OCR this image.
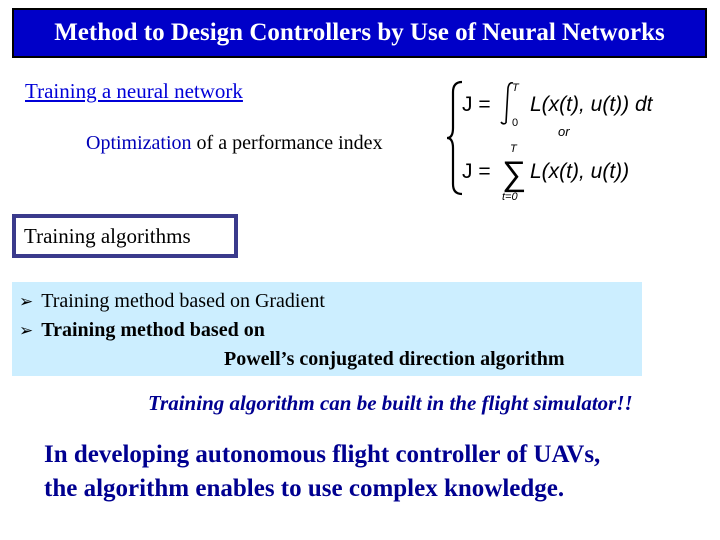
Method to Design Controllers by Use of Neural Networks
Training a neural network
Optimization of a performance index
J =
T
0
L(x(t), u(t)) dt
or
J =
T
∑
t=0
L(x(t), u(t))
Training algorithms
➢ Training method based on Gradient
➢ Training method based on
Powell’s conjugated direction algorithm
Training algorithm can be built in the flight simulator!!
In developing autonomous flight controller of UAVs,
the algorithm enables to use complex knowledge.
